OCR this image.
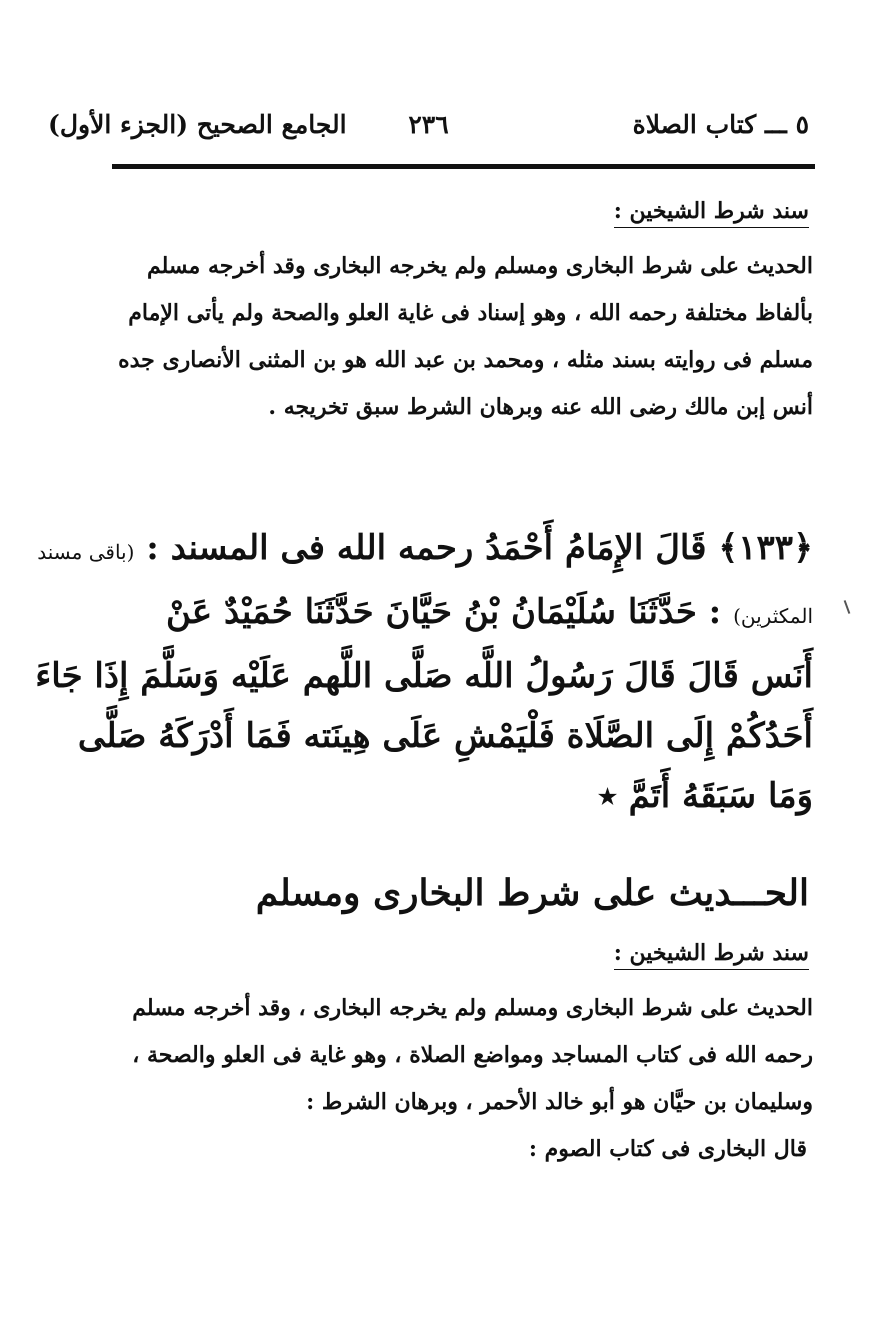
٥ ـــ كتاب الصلاة
٢٣٦
الجامع الصحيح (الجزء الأول)
سند شرط الشيخين :
الحديث على شرط البخارى ومسلم ولم يخرجه البخارى وقد أخرجه مسلم
بألفاظ مختلفة رحمه الله ، وهو إسناد فى غاية العلو والصحة ولم يأتى الإمام
مسلم فى روايته بسند مثله ، ومحمد بن عبد الله هو بن المثنى الأنصارى جده
أنس إبن مالك رضى الله عنه وبرهان الشرط سبق تخريجه .
﴿١٣٣﴾ قَالَ الإِمَامُ أَحْمَدُ رحمه الله فى المسند : (باقى مسند
المكثرين) : حَدَّثَنَا سُلَيْمَانُ بْنُ حَيَّانَ حَدَّثَنَا حُمَيْدٌ عَنْ
أَنَس قَالَ قَالَ رَسُولُ اللَّه صَلَّى اللَّهم عَلَيْه وَسَلَّمَ إِذَا جَاءَ
أَحَدُكُمْ إِلَى الصَّلَاة فَلْيَمْشِ عَلَى هِينَته فَمَا أَدْرَكَهُ صَلَّى
وَمَا سَبَقَهُ أَتَمَّ ٭
الحـــديث على شرط البخارى ومسلم
سند شرط الشيخين :
الحديث على شرط البخارى ومسلم ولم يخرجه البخارى ، وقد أخرجه مسلم
رحمه الله فى كتاب المساجد ومواضع الصلاة ، وهو غاية فى العلو والصحة ،
وسليمان بن حيَّان هو أبو خالد الأحمر ، وبرهان الشرط :
قال البخارى فى كتاب الصوم :
